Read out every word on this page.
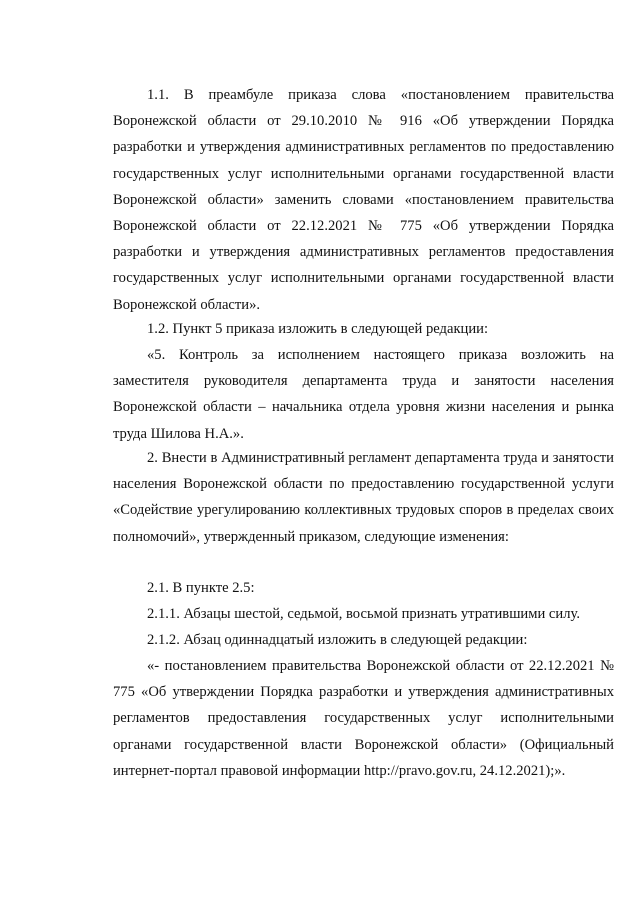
1.1. В преамбуле приказа слова «постановлением правительства Воронежской области от 29.10.2010 № 916 «Об утверждении Порядка разработки и утверждения административных регламентов по предоставлению государственных услуг исполнительными органами государственной власти Воронежской области» заменить словами «постановлением правительства Воронежской области от 22.12.2021 № 775 «Об утверждении Порядка разработки и утверждения административных регламентов предоставления государственных услуг исполнительными органами государственной власти Воронежской области».

1.2. Пункт 5 приказа изложить в следующей редакции:

«5. Контроль за исполнением настоящего приказа возложить на заместителя руководителя департамента труда и занятости населения Воронежской области – начальника отдела уровня жизни населения и рынка труда Шилова Н.А.».

2. Внести в Административный регламент департамента труда и занятости населения Воронежской области по предоставлению государственной услуги «Содействие урегулированию коллективных трудовых споров в пределах своих полномочий», утвержденный приказом, следующие изменения:

2.1. В пункте 2.5:

2.1.1. Абзацы шестой, седьмой, восьмой признать утратившими силу.

2.1.2. Абзац одиннадцатый изложить в следующей редакции:

«- постановлением правительства Воронежской области от 22.12.2021 № 775 «Об утверждении Порядка разработки и утверждения административных регламентов предоставления государственных услуг исполнительными органами государственной власти Воронежской области» (Официальный интернет-портал правовой информации http://pravo.gov.ru, 24.12.2021);».
